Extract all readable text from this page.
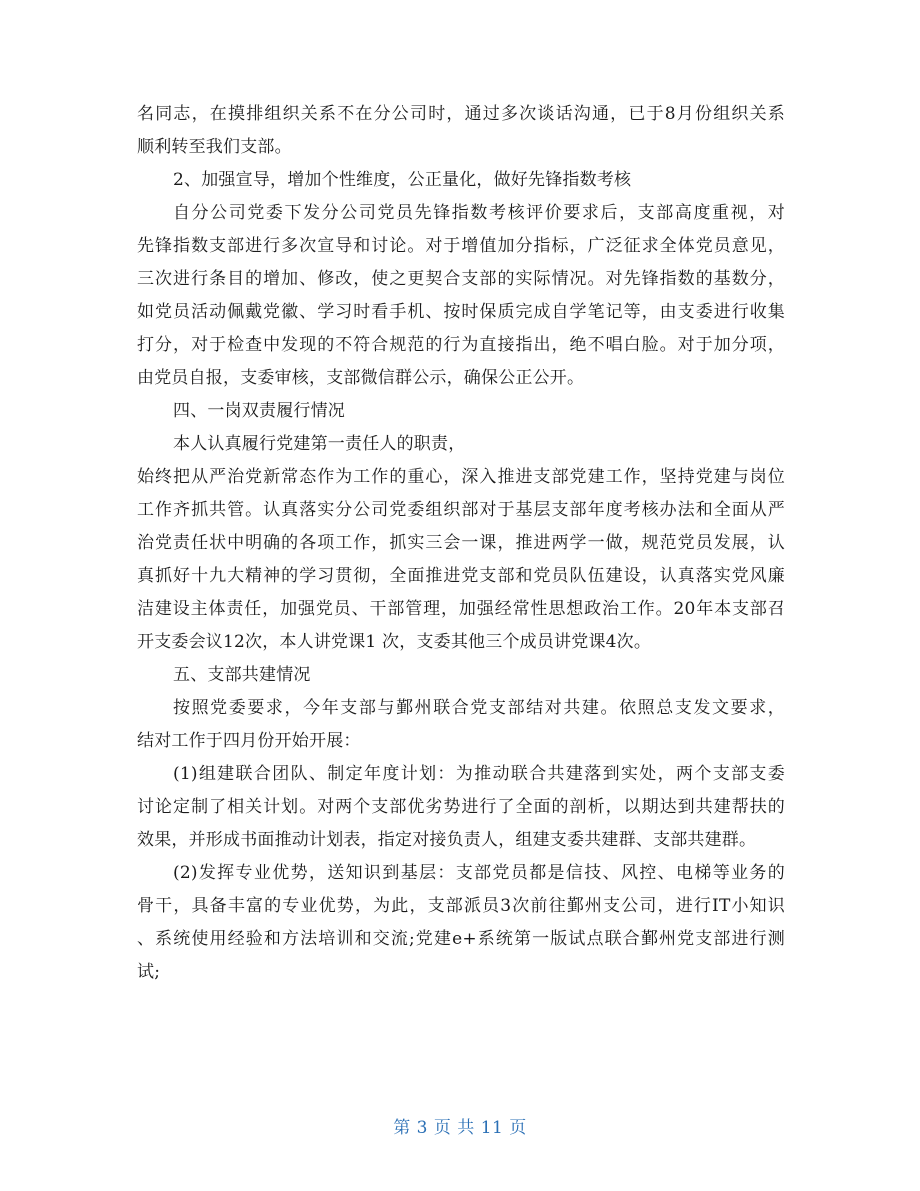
名同志，在摸排组织关系不在分公司时，通过多次谈话沟通，已于8月份组织关系
顺利转至我们支部。
2、加强宣导，增加个性维度，公正量化，做好先锋指数考核
自分公司党委下发分公司党员先锋指数考核评价要求后，支部高度重视，对
先锋指数支部进行多次宣导和讨论。对于增值加分指标，广泛征求全体党员意见，
三次进行条目的增加、修改，使之更契合支部的实际情况。对先锋指数的基数分，
如党员活动佩戴党徽、学习时看手机、按时保质完成自学笔记等，由支委进行收集
打分，对于检查中发现的不符合规范的行为直接指出，绝不唱白脸。对于加分项，
由党员自报，支委审核，支部微信群公示，确保公正公开。
四、一岗双责履行情况
本人认真履行党建第一责任人的职责，
始终把从严治党新常态作为工作的重心，深入推进支部党建工作，坚持党建与岗位
工作齐抓共管。认真落实分公司党委组织部对于基层支部年度考核办法和全面从严
治党责任状中明确的各项工作，抓实三会一课，推进两学一做，规范党员发展，认
真抓好十九大精神的学习贯彻，全面推进党支部和党员队伍建设，认真落实党风廉
洁建设主体责任，加强党员、干部管理，加强经常性思想政治工作。20年本支部召
开支委会议12次，本人讲党课1 次，支委其他三个成员讲党课4次。
五、支部共建情况
按照党委要求，今年支部与鄞州联合党支部结对共建。依照总支发文要求，
结对工作于四月份开始开展：
(1)组建联合团队、制定年度计划：为推动联合共建落到实处，两个支部支委
讨论定制了相关计划。对两个支部优劣势进行了全面的剖析，以期达到共建帮扶的
效果，并形成书面推动计划表，指定对接负责人，组建支委共建群、支部共建群。
(2)发挥专业优势，送知识到基层：支部党员都是信技、风控、电梯等业务的
骨干，具备丰富的专业优势，为此，支部派员3次前往鄞州支公司，进行IT小知识
、系统使用经验和方法培训和交流;党建e+系统第一版试点联合鄞州党支部进行测
试;
第 3 页 共 11 页
